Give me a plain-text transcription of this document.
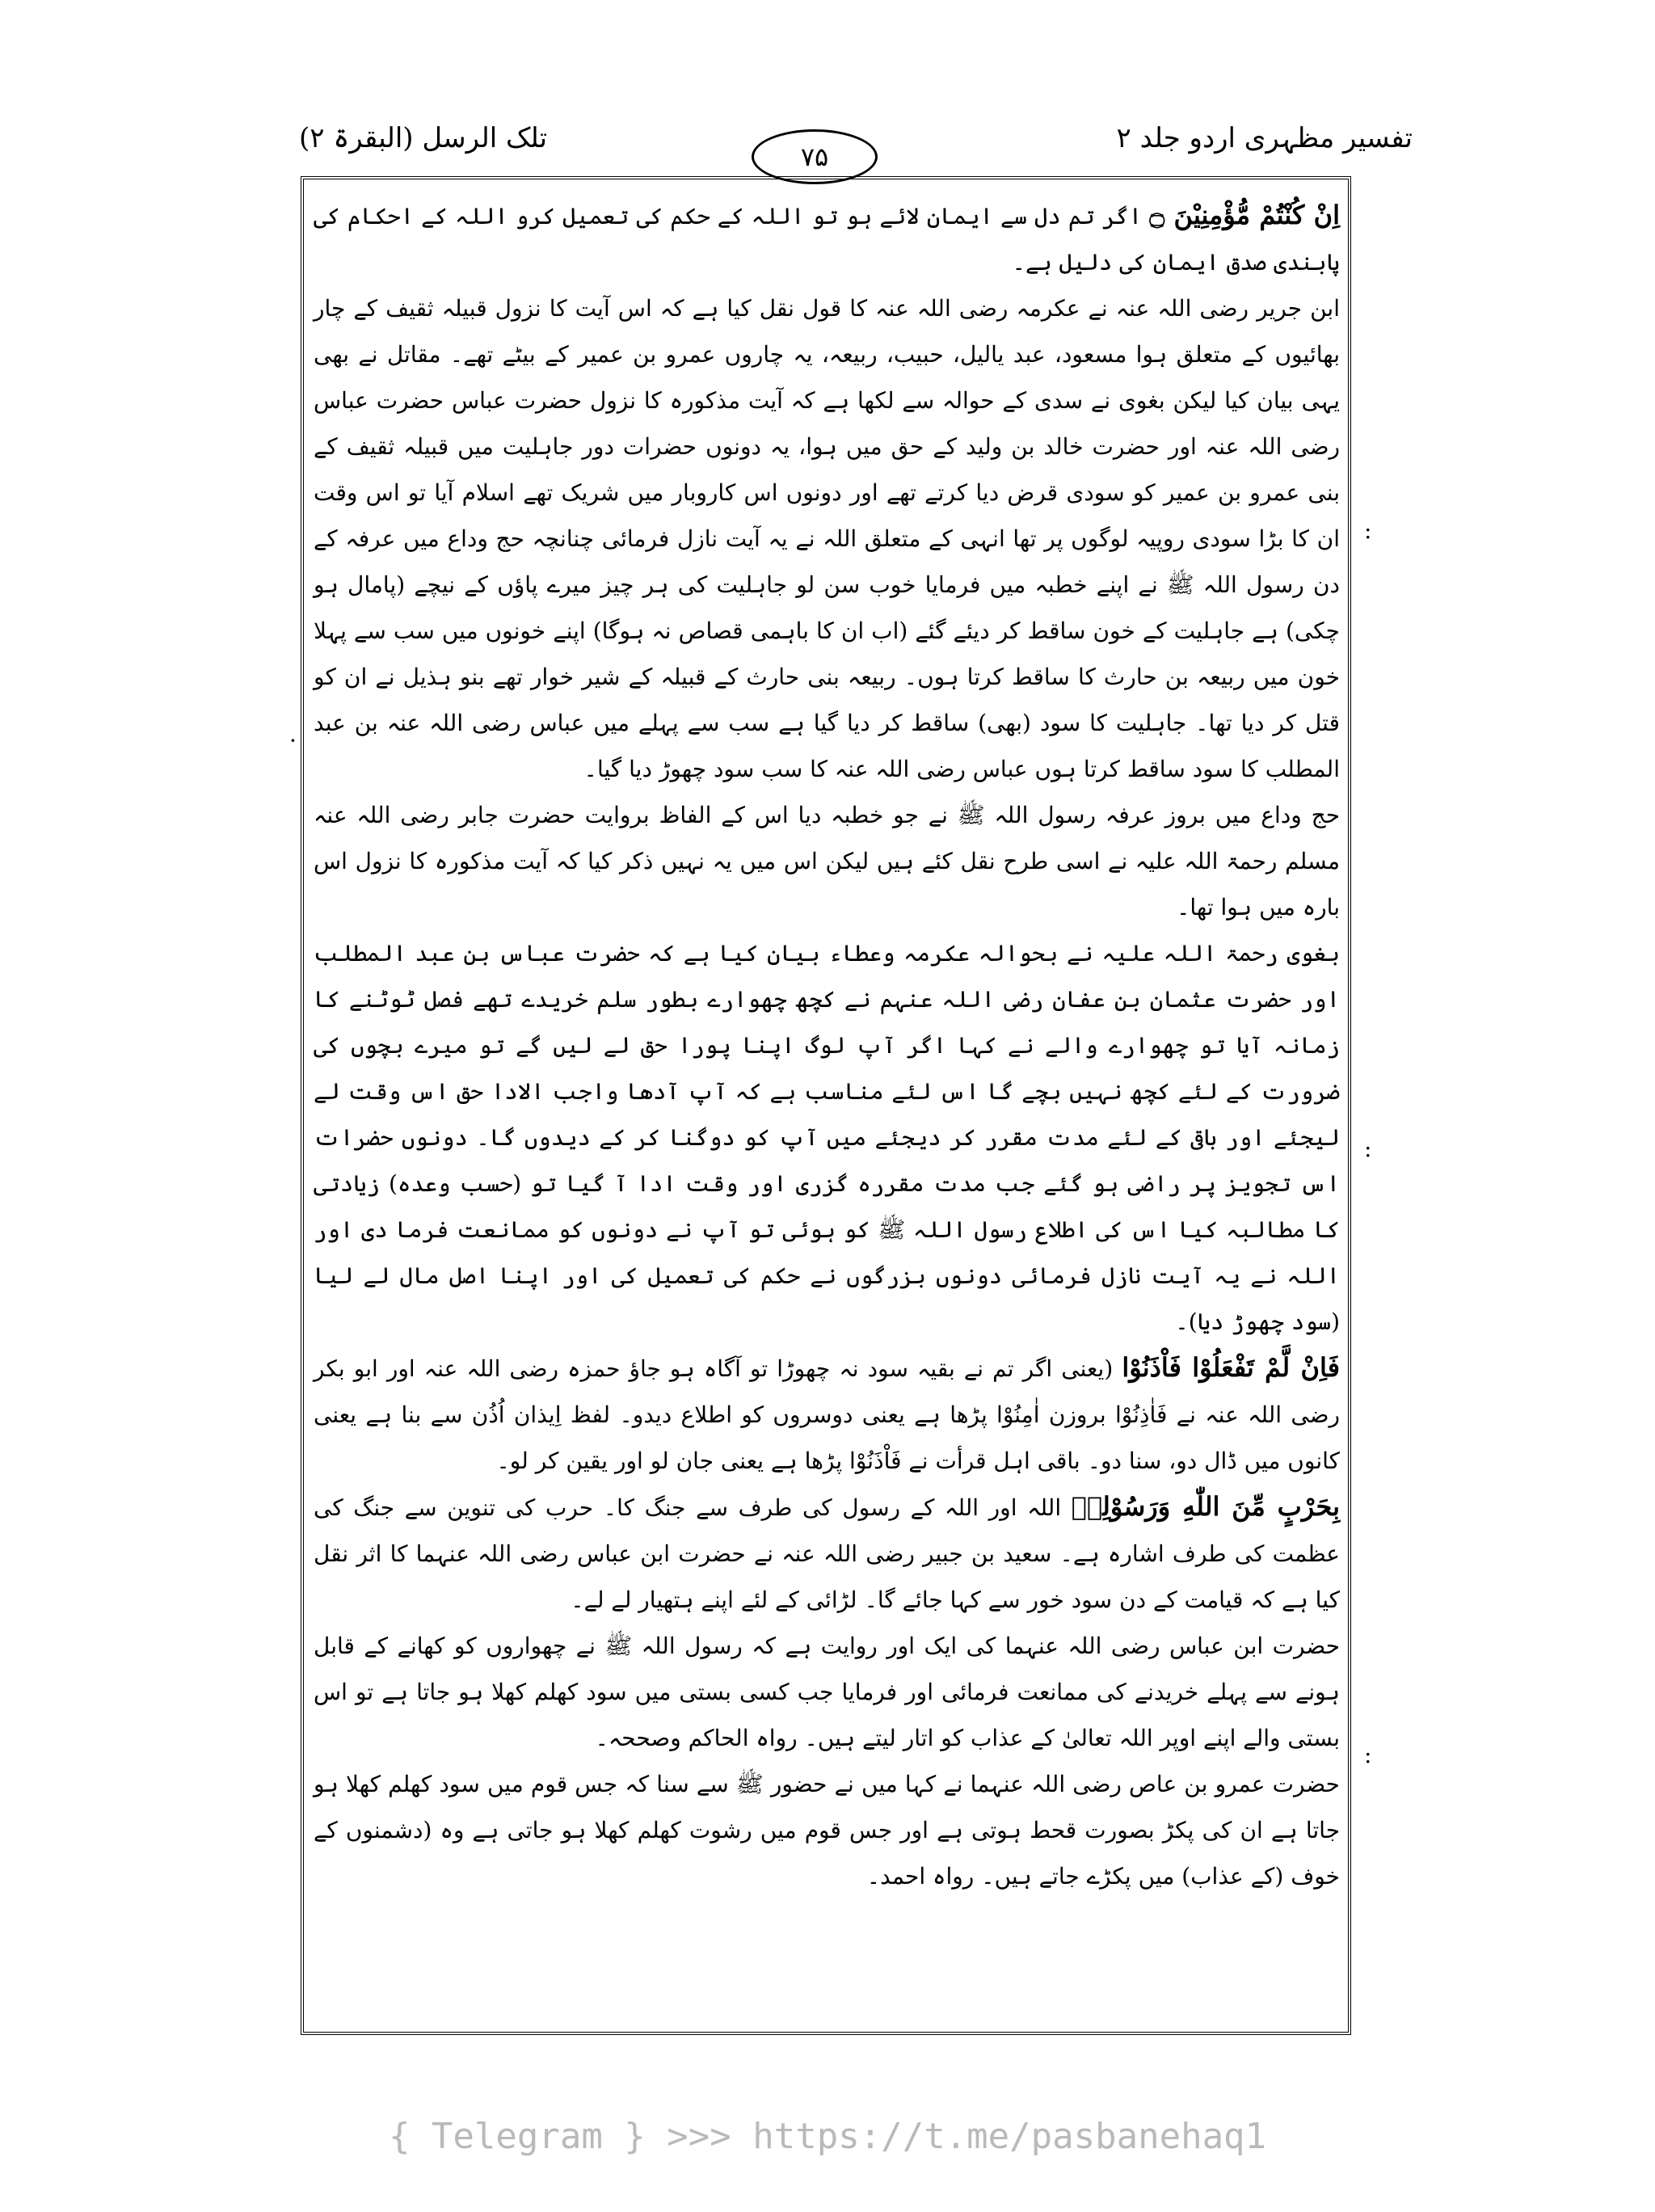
تفسیر مظہری اردو جلد ۲
۷۵
تلک الرسل (البقرۃ ۲)

اِنْ كُنْتُمْ مُّؤْمِنِيْنَ ۝ اگر تم دل سے ایمان لائے ہو تو اللہ کے حکم کی تعمیل کرو اللہ کے احکام کی پابندی صدق ایمان کی دلیل ہے۔

ابن جریر رضی اللہ عنہ نے عکرمہ رضی اللہ عنہ کا قول نقل کیا ہے کہ اس آیت کا نزول قبیلہ ثقیف کے چار بھائیوں کے متعلق ہوا مسعود، عبد یالیل، حبیب، ربیعہ، یہ چاروں عمرو بن عمیر کے بیٹے تھے۔ مقاتل نے بھی یہی بیان کیا لیکن بغوی نے سدی کے حوالہ سے لکھا ہے کہ آیت مذکورہ کا نزول حضرت عباس حضرت عباس رضی اللہ عنہ اور حضرت خالد بن ولید کے حق میں ہوا، یہ دونوں حضرات دور جاہلیت میں قبیلہ ثقیف کے بنی عمرو بن عمیر کو سودی قرض دیا کرتے تھے اور دونوں اس کاروبار میں شریک تھے اسلام آیا تو اس وقت ان کا بڑا سودی روپیہ لوگوں پر تھا انہی کے متعلق اللہ نے یہ آیت نازل فرمائی چنانچہ حج وداع میں عرفہ کے دن رسول اللہ ﷺ نے اپنے خطبہ میں فرمایا خوب سن لو جاہلیت کی ہر چیز میرے پاؤں کے نیچے (پامال ہو چکی) ہے جاہلیت کے خون ساقط کر دیئے گئے (اب ان کا باہمی قصاص نہ ہوگا) اپنے خونوں میں سب سے پہلا خون میں ربیعہ بن حارث کا ساقط کرتا ہوں۔ ربیعہ بنی حارث کے قبیلہ کے شیر خوار تھے بنو ہذیل نے ان کو قتل کر دیا تھا۔ جاہلیت کا سود (بھی) ساقط کر دیا گیا ہے سب سے پہلے میں عباس رضی اللہ عنہ بن عبد المطلب کا سود ساقط کرتا ہوں عباس رضی اللہ عنہ کا سب سود چھوڑ دیا گیا۔

حج وداع میں بروز عرفہ رسول اللہ ﷺ نے جو خطبہ دیا اس کے الفاظ بروایت حضرت جابر رضی اللہ عنہ مسلم رحمۃ اللہ علیہ نے اسی طرح نقل کئے ہیں لیکن اس میں یہ نہیں ذکر کیا کہ آیت مذکورہ کا نزول اس بارہ میں ہوا تھا۔

بغوی رحمۃ اللہ علیہ نے بحوالہ عکرمہ وعطاء بیان کیا ہے کہ حضرت عباس بن عبد المطلب اور حضرت عثمان بن عفان رضی اللہ عنہم نے کچھ چھوارے بطور سلم خریدے تھے فصل ٹوٹنے کا زمانہ آیا تو چھوارے والے نے کہا اگر آپ لوگ اپنا پورا حق لے لیں گے تو میرے بچوں کی ضرورت کے لئے کچھ نہیں بچے گا اس لئے مناسب ہے کہ آپ آدھا واجب الادا حق اس وقت لے لیجئے اور باقی کے لئے مدت مقرر کر دیجئے میں آپ کو دوگنا کر کے دیدوں گا۔ دونوں حضرات اس تجویز پر راضی ہو گئے جب مدت مقررہ گزری اور وقت ادا آ گیا تو (حسب وعدہ) زیادتی کا مطالبہ کیا اس کی اطلاع رسول اللہ ﷺ کو ہوئی تو آپ نے دونوں کو ممانعت فرما دی اور اللہ نے یہ آیت نازل فرمائی دونوں بزرگوں نے حکم کی تعمیل کی اور اپنا اصل مال لے لیا (سود چھوڑ دیا)۔

فَاِنْ لَّمْ تَفْعَلُوْا فَاْذَنُوْا (یعنی اگر تم نے بقیہ سود نہ چھوڑا تو آگاہ ہو جاؤ حمزہ رضی اللہ عنہ اور ابو بکر رضی اللہ عنہ نے فَاٰذِنُوْا بروزن اٰمِنُوْا پڑھا ہے یعنی دوسروں کو اطلاع دیدو۔ لفظ اِیذان اُذُن سے بنا ہے یعنی کانوں میں ڈال دو، سنا دو۔ باقی اہل قرأت نے فَاْذَنُوْا پڑھا ہے یعنی جان لو اور یقین کر لو۔

بِحَرْبٍ مِّنَ اللّٰهِ وَرَسُوْلِهٖ اللہ اور اللہ کے رسول کی طرف سے جنگ کا۔ حرب کی تنوین سے جنگ کی عظمت کی طرف اشارہ ہے۔ سعید بن جبیر رضی اللہ عنہ نے حضرت ابن عباس رضی اللہ عنہما کا اثر نقل کیا ہے کہ قیامت کے دن سود خور سے کہا جائے گا۔ لڑائی کے لئے اپنے ہتھیار لے لے۔

حضرت ابن عباس رضی اللہ عنہما کی ایک اور روایت ہے کہ رسول اللہ ﷺ نے چھواروں کو کھانے کے قابل ہونے سے پہلے خریدنے کی ممانعت فرمائی اور فرمایا جب کسی بستی میں سود کھلم کھلا ہو جاتا ہے تو اس بستی والے اپنے اوپر اللہ تعالیٰ کے عذاب کو اتار لیتے ہیں۔ رواہ الحاکم وصححہ۔

حضرت عمرو بن عاص رضی اللہ عنہما نے کہا میں نے حضور ﷺ سے سنا کہ جس قوم میں سود کھلم کھلا ہو جاتا ہے ان کی پکڑ بصورت قحط ہوتی ہے اور جس قوم میں رشوت کھلم کھلا ہو جاتی ہے وہ (دشمنوں کے خوف (کے عذاب) میں پکڑے جاتے ہیں۔ رواہ احمد۔

:
·
:
:
{ Telegram } >>> https://t.me/pasbanehaq1
